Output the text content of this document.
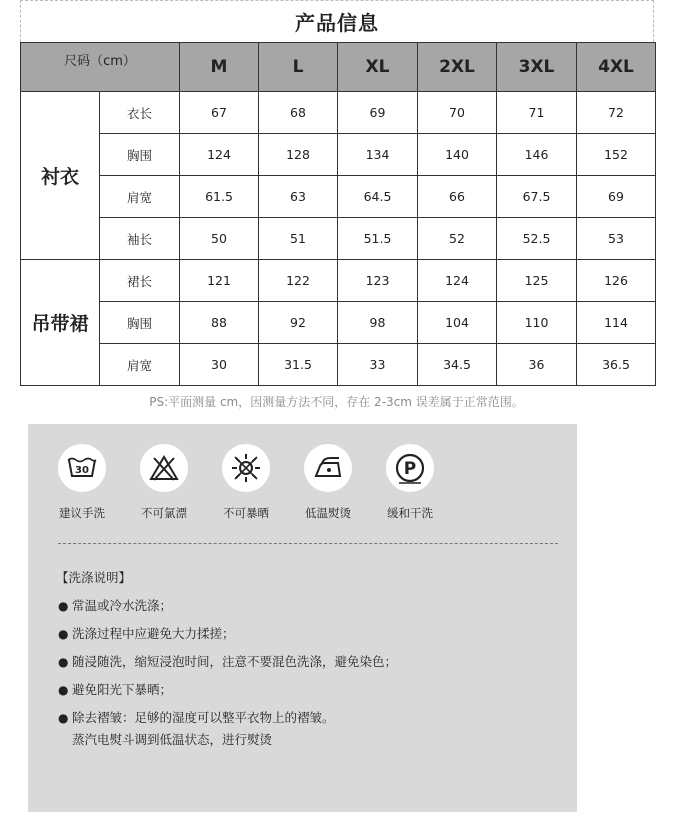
产品信息
尺码（cm）		M	L	XL	2XL	3XL	4XL
衬衣	衣长	67	68	69	70	71	72
	胸围	124	128	134	140	146	152
	肩宽	61.5	63	64.5	66	67.5	69
	袖长	50	51	51.5	52	52.5	53
吊带裙	裙长	121	122	123	124	125	126
	胸围	88	92	98	104	110	114
	肩宽	30	31.5	33	34.5	36	36.5
PS:平面测量 cm，因测量方法不同，存在 2-3cm 误差属于正常范围。
30
建议手洗	不可氯漂	不可暴晒	低温熨烫
P
缓和干洗
【洗涤说明】
● 常温或冷水洗涤；
● 洗涤过程中应避免大力揉搓；
● 随浸随洗，缩短浸泡时间，注意不要混色洗涤，避免染色；
● 避免阳光下暴晒；
● 除去褶皱：足够的湿度可以整平衣物上的褶皱。
蒸汽电熨斗调到低温状态，进行熨烫
